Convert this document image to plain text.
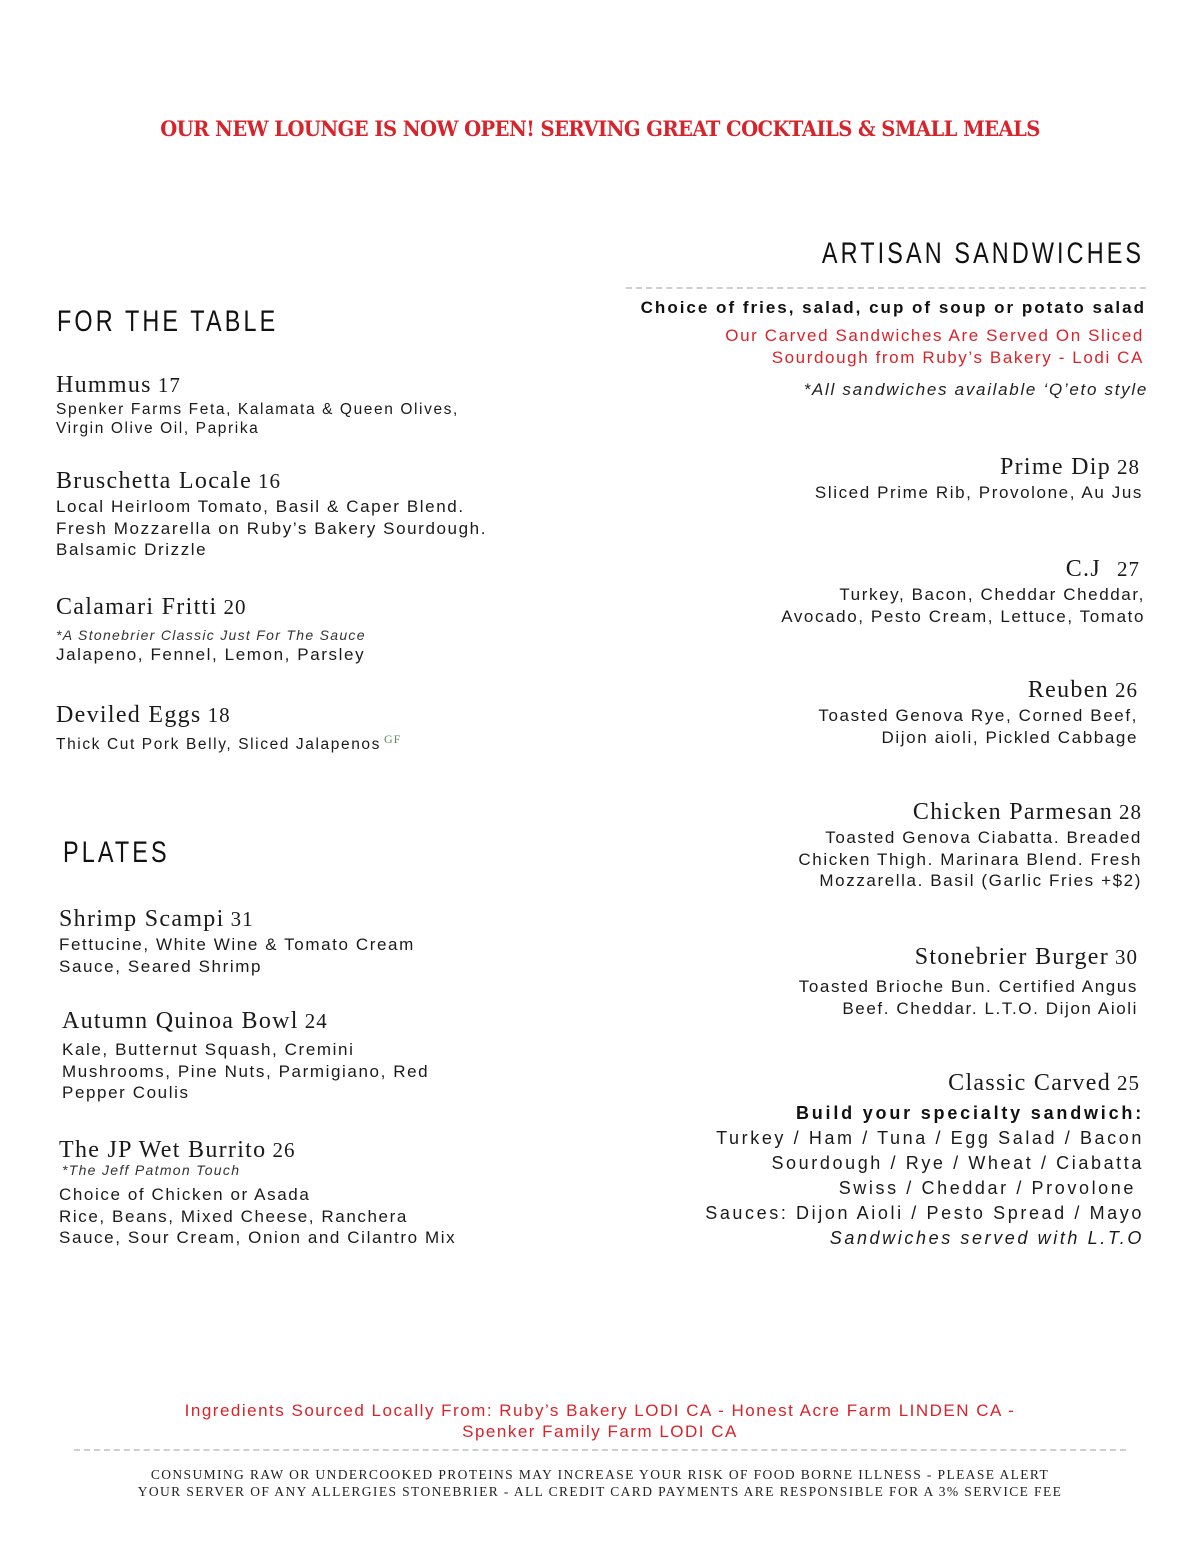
OUR NEW LOUNGE IS NOW OPEN! SERVING GREAT COCKTAILS & SMALL MEALS
FOR THE TABLE
Hummus 17
Spenker Farms Feta, Kalamata & Queen Olives,
Virgin Olive Oil, Paprika
Bruschetta Locale 16
Local Heirloom Tomato, Basil & Caper Blend.
Fresh Mozzarella on Ruby’s Bakery Sourdough.
Balsamic Drizzle
Calamari Fritti 20
*A Stonebrier Classic Just For The Sauce
Jalapeno, Fennel, Lemon, Parsley
Deviled Eggs 18
Thick Cut Pork Belly, Sliced Jalapenos $^{GF}$
PLATES
Shrimp Scampi 31
Fettucine, White Wine & Tomato Cream
Sauce, Seared Shrimp
Autumn Quinoa Bowl 24
Kale, Butternut Squash, Cremini
Mushrooms, Pine Nuts, Parmigiano, Red
Pepper Coulis
The JP Wet Burrito 26
*The Jeff Patmon Touch
Choice of Chicken or Asada
Rice, Beans, Mixed Cheese, Ranchera
Sauce, Sour Cream, Onion and Cilantro Mix
ARTISAN SANDWICHES
Choice of fries, salad, cup of soup or potato salad
Our Carved Sandwiches Are Served On Sliced
Sourdough from Ruby’s Bakery - Lodi CA
*All sandwiches available ‘Q’eto style
Prime Dip 28
Sliced Prime Rib, Provolone, Au Jus
C.J 27
Turkey, Bacon, Cheddar Cheddar,
Avocado, Pesto Cream, Lettuce, Tomato
Reuben 26
Toasted Genova Rye, Corned Beef,
Dijon aioli, Pickled Cabbage
Chicken Parmesan 28
Toasted Genova Ciabatta. Breaded
Chicken Thigh. Marinara Blend. Fresh
Mozzarella. Basil (Garlic Fries +$2)
Stonebrier Burger 30
Toasted Brioche Bun. Certified Angus
Beef. Cheddar. L.T.O. Dijon Aioli
Classic Carved 25
Build your specialty sandwich:
Turkey / Ham / Tuna / Egg Salad / Bacon
Sourdough / Rye / Wheat / Ciabatta
Swiss / Cheddar / Provolone
Sauces: Dijon Aioli / Pesto Spread / Mayo
Sandwiches served with L.T.O
Ingredients Sourced Locally From: Ruby’s Bakery LODI CA - Honest Acre Farm LINDEN CA -
Spenker Family Farm LODI CA
CONSUMING RAW OR UNDERCOOKED PROTEINS MAY INCREASE YOUR RISK OF FOOD BORNE ILLNESS - PLEASE ALERT
YOUR SERVER OF ANY ALLERGIES STONEBRIER - ALL CREDIT CARD PAYMENTS ARE RESPONSIBLE FOR A 3% SERVICE FEE
